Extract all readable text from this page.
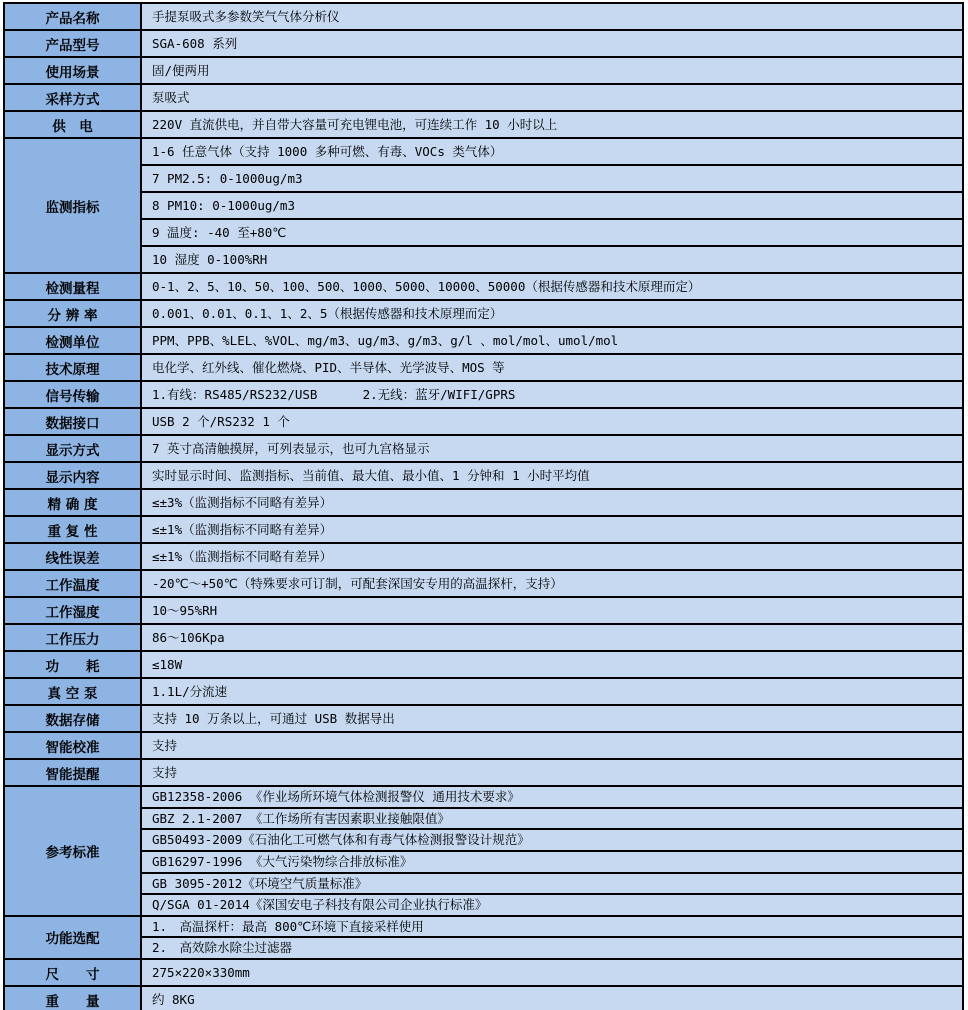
产品名称	手提泵吸式多参数笑气气体分析仪
产品型号	SGA-608 系列
使用场景	固/便两用
采样方式	泵吸式
供　电	220V 直流供电，并自带大容量可充电锂电池，可连续工作 10 小时以上
监测指标	1-6 任意气体（支持 1000 多种可燃、有毒、VOCs 类气体）
	7 PM2.5: 0-1000ug/m3
	8 PM10: 0-1000ug/m3
	9 温度: -40 至+80℃
	10 湿度 0-100%RH
检测量程	0-1、2、5、10、50、100、500、1000、5000、10000、50000（根据传感器和技术原理而定）
分 辨 率	0.001、0.01、0.1、1、2、5（根据传感器和技术原理而定）
检测单位	PPM、PPB、%LEL、%VOL、mg/m3、ug/m3、g/m3、g/l 、mol/mol、umol/mol
技术原理	电化学、红外线、催化燃烧、PID、半导体、光学波导、MOS 等
信号传输	1.有线：RS485/RS232/USB      2.无线：蓝牙/WIFI/GPRS
数据接口	USB 2 个/RS232 1 个
显示方式	7 英寸高清触摸屏，可列表显示，也可九宫格显示
显示内容	实时显示时间、监测指标、当前值、最大值、最小值、1 分钟和 1 小时平均值
精 确 度	≤±3%（监测指标不同略有差异）
重 复 性	≤±1%（监测指标不同略有差异）
线性误差	≤±1%（监测指标不同略有差异）
工作温度	-20℃～+50℃（特殊要求可订制，可配套深国安专用的高温探杆，支持）
工作湿度	10～95%RH
工作压力	86～106Kpa
功　　耗	≤18W
真 空 泵	1.1L/分流速
数据存储	支持 10 万条以上，可通过 USB 数据导出
智能校准	支持
智能提醒	支持
参考标准	GB12358-2006 《作业场所环境气体检测报警仪 通用技术要求》
	GBZ 2.1-2007 《工作场所有害因素职业接触限值》
	GB50493-2009《石油化工可燃气体和有毒气体检测报警设计规范》
	GB16297-1996 《大气污染物综合排放标准》
	GB 3095-2012《环境空气质量标准》
	Q/SGA 01-2014《深国安电子科技有限公司企业执行标准》
功能选配	1.　高温探杆：最高 800℃环境下直接采样使用
	2.　高效除水除尘过滤器
尺　　寸	275×220×330mm
重　　量	约 8KG
